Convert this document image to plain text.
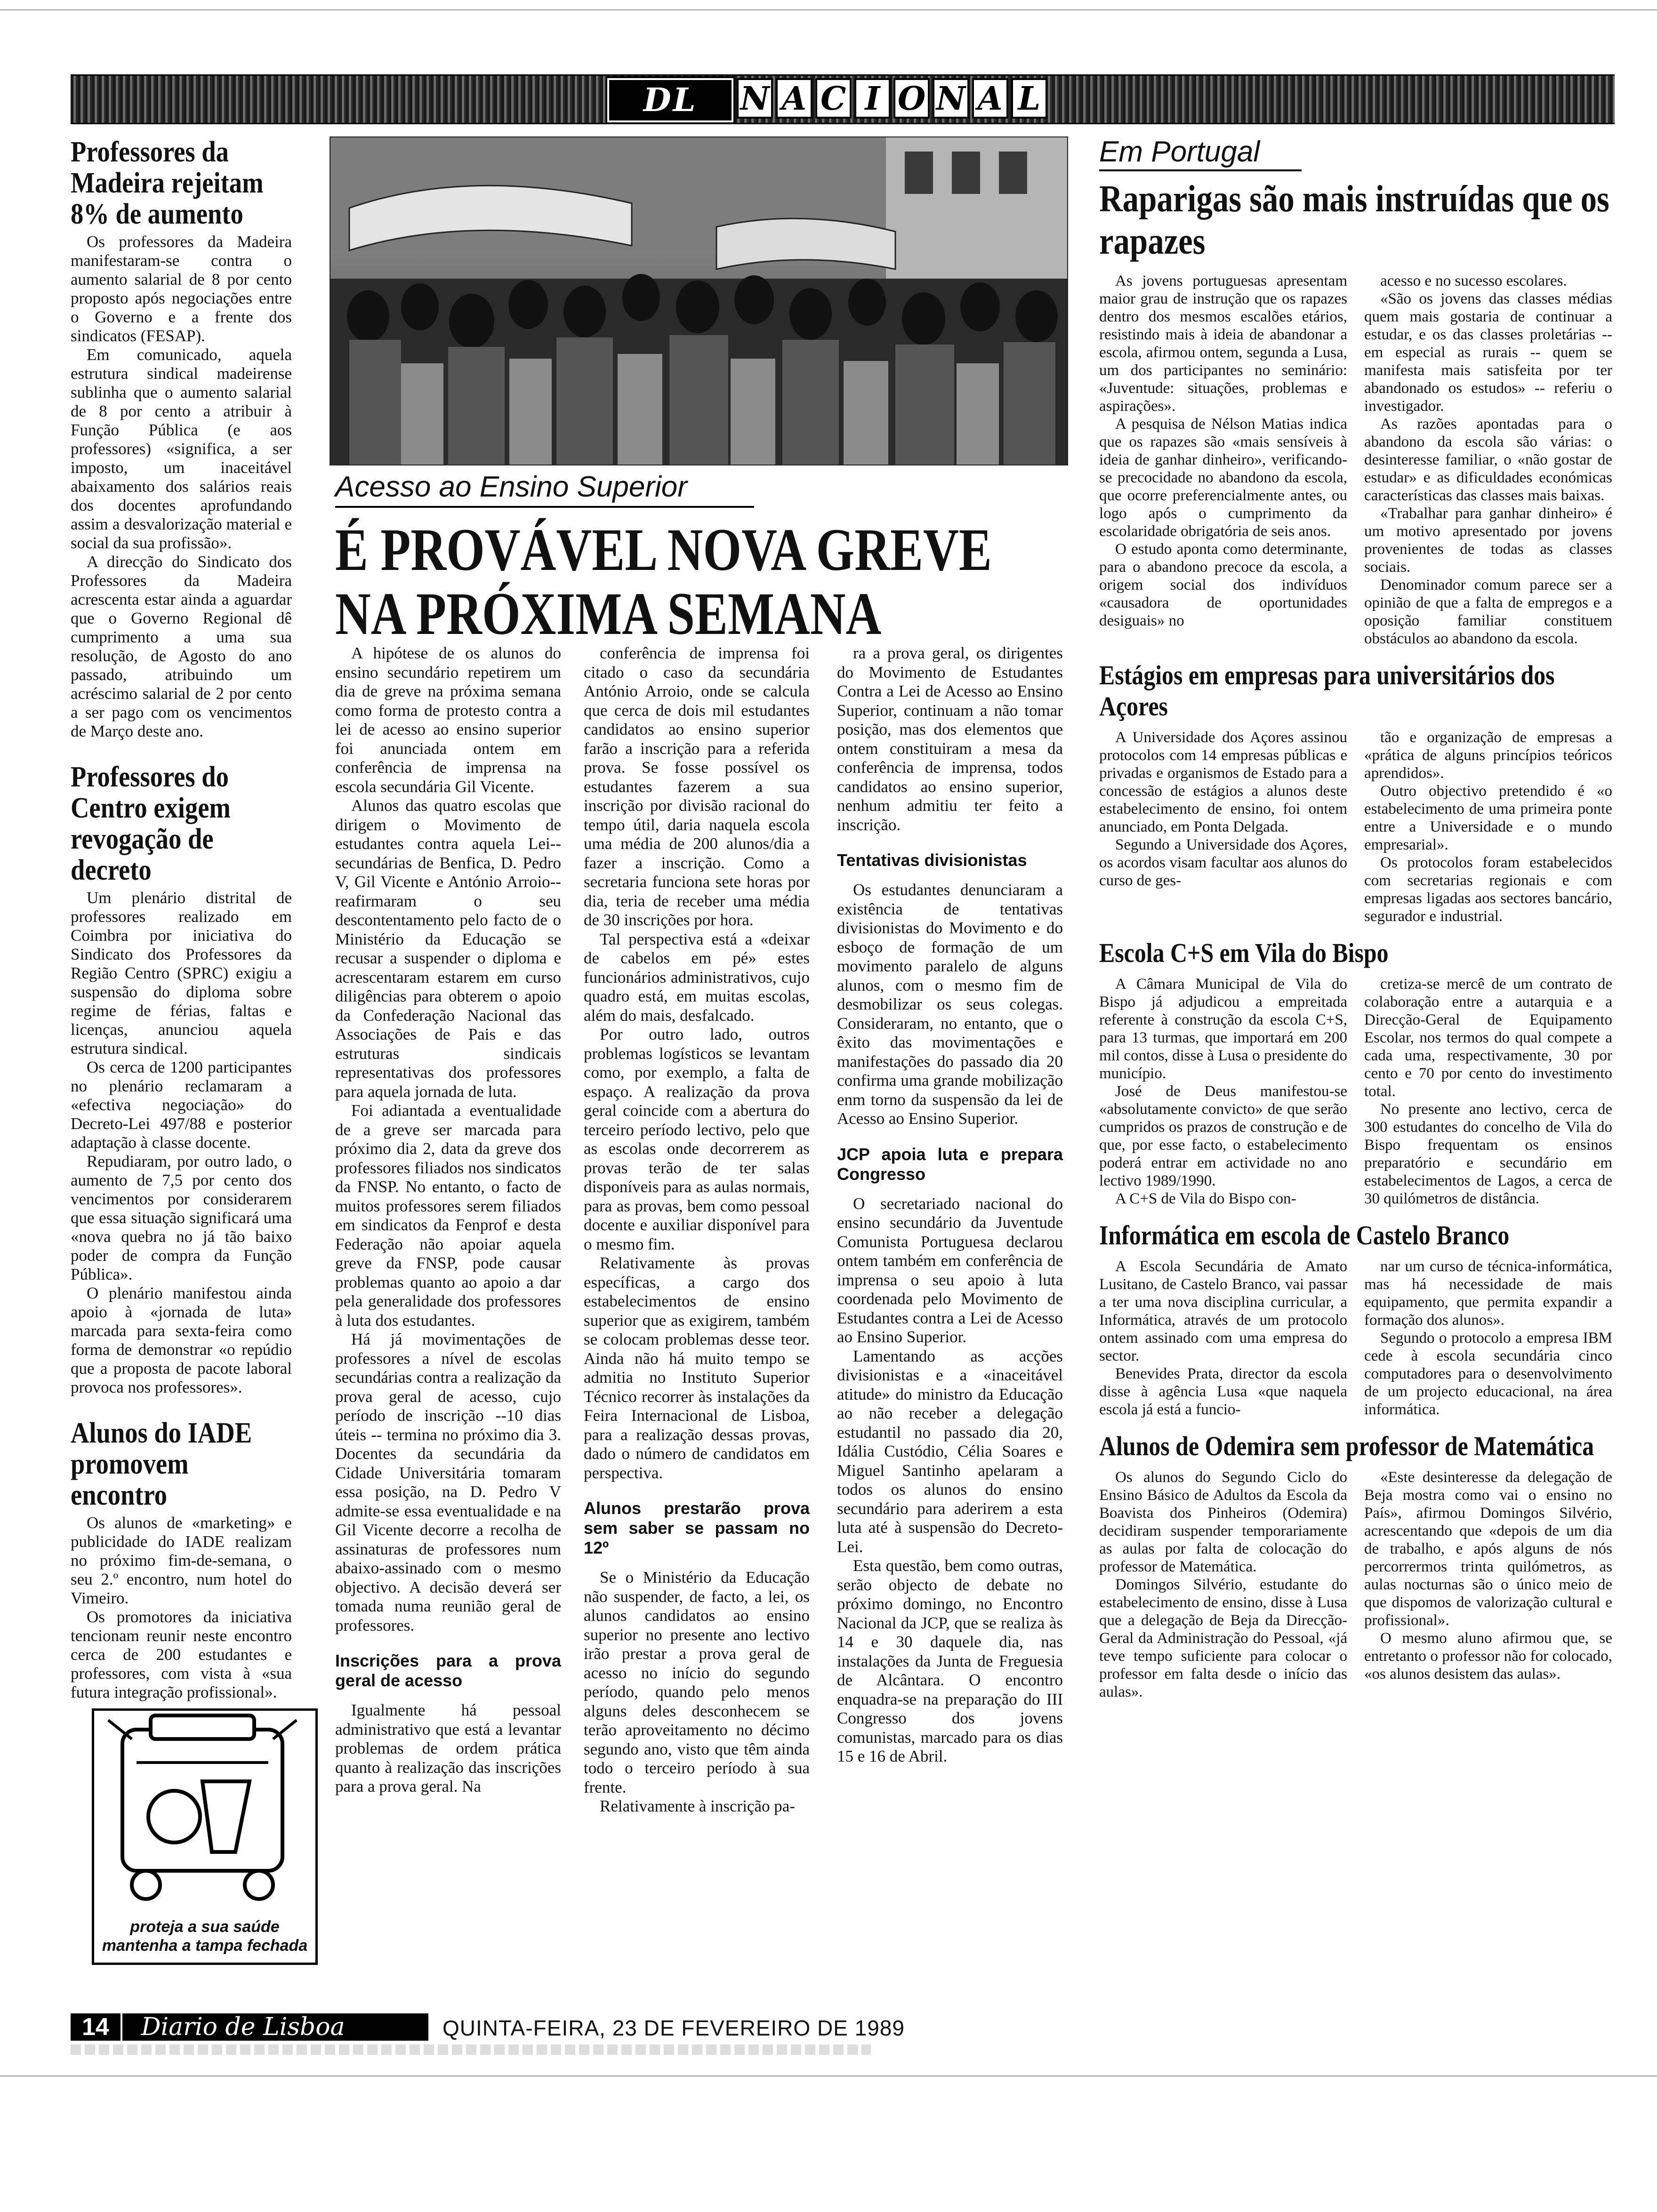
DL	N A C I O N A L
Professores da Madeira rejeitam 8% de aumento

Os professores da Madeira manifestaram-se contra o aumento salarial de 8 por cento proposto após negociações entre o Governo e a frente dos sindicatos (FESAP).

Em comunicado, aquela estrutura sindical madeirense sublinha que o aumento salarial de 8 por cento a atribuir à Função Pública (e aos professores) «significa, a ser imposto, um inaceitável abaixamento dos salários reais dos docentes aprofundando assim a desvalorização material e social da sua profissão».

A direcção do Sindicato dos Professores da Madeira acrescenta estar ainda a aguardar que o Governo Regional dê cumprimento a uma sua resolução, de Agosto do ano passado, atribuindo um acréscimo salarial de 2 por cento a ser pago com os vencimentos de Março deste ano.

Professores do Centro exigem revogação de decreto

Um plenário distrital de professores realizado em Coimbra por iniciativa do Sindicato dos Professores da Região Centro (SPRC) exigiu a suspensão do diploma sobre regime de férias, faltas e licenças, anunciou aquela estrutura sindical.

Os cerca de 1200 participantes no plenário reclamaram a «efectiva negociação» do Decreto-Lei 497/88 e posterior adaptação à classe docente.

Repudiaram, por outro lado, o aumento de 7,5 por cento dos vencimentos por considerarem que essa situação significará uma «nova quebra no já tão baixo poder de compra da Função Pública».

O plenário manifestou ainda apoio à «jornada de luta» marcada para sexta-feira como forma de demonstrar «o repúdio que a proposta de pacote laboral provoca nos professores».

Alunos do IADE promovem encontro

Os alunos de «marketing» e publicidade do IADE realizam no próximo fim-de-semana, o seu 2.º encontro, num hotel do Vimeiro.

Os promotores da iniciativa tencionam reunir neste encontro cerca de 200 estudantes e professores, com vista à «sua futura integração profissional».

proteja a sua saúde
mantenha a tampa fechada
Acesso ao Ensino Superior
É PROVÁVEL NOVA GREVE NA PRÓXIMA SEMANA

A hipótese de os alunos do ensino secundário repetirem um dia de greve na próxima semana como forma de protesto contra a lei de acesso ao ensino superior foi anunciada ontem em conferência de imprensa na escola secundária Gil Vicente.

Alunos das quatro escolas que dirigem o Movimento de estudantes contra aquela Lei--secundárias de Benfica, D. Pedro V, Gil Vicente e António Arroio--reafirmaram o seu descontentamento pelo facto de o Ministério da Educação se recusar a suspender o diploma e acrescentaram estarem em curso diligências para obterem o apoio da Confederação Nacional das Associações de Pais e das estruturas sindicais representativas dos professores para aquela jornada de luta.

Foi adiantada a eventualidade de a greve ser marcada para próximo dia 2, data da greve dos professores filiados nos sindicatos da FNSP. No entanto, o facto de muitos professores serem filiados em sindicatos da Fenprof e desta Federação não apoiar aquela greve da FNSP, pode causar problemas quanto ao apoio a dar pela generalidade dos professores à luta dos estudantes.

Há já movimentações de professores a nível de escolas secundárias contra a realização da prova geral de acesso, cujo período de inscrição --10 dias úteis -- termina no próximo dia 3. Docentes da secundária da Cidade Universitária tomaram essa posição, na D. Pedro V admite-se essa eventualidade e na Gil Vicente decorre a recolha de assinaturas de professores num abaixo-assinado com o mesmo objectivo. A decisão deverá ser tomada numa reunião geral de professores.

Inscrições para a prova geral de acesso

Igualmente há pessoal administrativo que está a levantar problemas de ordem prática quanto à realização das inscrições para a prova geral. Na

conferência de imprensa foi citado o caso da secundária António Arroio, onde se calcula que cerca de dois mil estudantes candidatos ao ensino superior farão a inscrição para a referida prova. Se fosse possível os estudantes fazerem a sua inscrição por divisão racional do tempo útil, daria naquela escola uma média de 200 alunos/dia a fazer a inscrição. Como a secretaria funciona sete horas por dia, teria de receber uma média de 30 inscrições por hora.

Tal perspectiva está a «deixar de cabelos em pé» estes funcionários administrativos, cujo quadro está, em muitas escolas, além do mais, desfalcado.

Por outro lado, outros problemas logísticos se levantam como, por exemplo, a falta de espaço. A realização da prova geral coincide com a abertura do terceiro período lectivo, pelo que as escolas onde decorrerem as provas terão de ter salas disponíveis para as aulas normais, para as provas, bem como pessoal docente e auxiliar disponível para o mesmo fim.

Relativamente às provas específicas, a cargo dos estabelecimentos de ensino superior que as exigirem, também se colocam problemas desse teor. Ainda não há muito tempo se admitia no Instituto Superior Técnico recorrer às instalações da Feira Internacional de Lisboa, para a realização dessas provas, dado o número de candidatos em perspectiva.

Alunos prestarão prova sem saber se passam no 12º

Se o Ministério da Educação não suspender, de facto, a lei, os alunos candidatos ao ensino superior no presente ano lectivo irão prestar a prova geral de acesso no início do segundo período, quando pelo menos alguns deles desconhecem se terão aproveitamento no décimo segundo ano, visto que têm ainda todo o terceiro período à sua frente.

Relativamente à inscrição pa-

ra a prova geral, os dirigentes do Movimento de Estudantes Contra a Lei de Acesso ao Ensino Superior, continuam a não tomar posição, mas dos elementos que ontem constituiram a mesa da conferência de imprensa, todos candidatos ao ensino superior, nenhum admitiu ter feito a inscrição.

Tentativas divisionistas

Os estudantes denunciaram a existência de tentativas divisionistas do Movimento e do esboço de formação de um movimento paralelo de alguns alunos, com o mesmo fim de desmobilizar os seus colegas. Consideraram, no entanto, que o êxito das movimentações e manifestações do passado dia 20 confirma uma grande mobilização enm torno da suspensão da lei de Acesso ao Ensino Superior.

JCP apoia luta e prepara Congresso

O secretariado nacional do ensino secundário da Juventude Comunista Portuguesa declarou ontem também em conferência de imprensa o seu apoio à luta coordenada pelo Movimento de Estudantes contra a Lei de Acesso ao Ensino Superior.

Lamentando as acções divisionistas e a «inaceitável atitude» do ministro da Educação ao não receber a delegação estudantil no passado dia 20, Idália Custódio, Célia Soares e Miguel Santinho apelaram a todos os alunos do ensino secundário para aderirem a esta luta até à suspensão do Decreto-Lei.

Esta questão, bem como outras, serão objecto de debate no próximo domingo, no Encontro Nacional da JCP, que se realiza às 14 e 30 daquele dia, nas instalações da Junta de Freguesia de Alcântara. O encontro enquadra-se na preparação do III Congresso dos jovens comunistas, marcado para os dias 15 e 16 de Abril.

Em Portugal
Raparigas são mais instruídas que os rapazes

As jovens portuguesas apresentam maior grau de instrução que os rapazes dentro dos mesmos escalões etários, resistindo mais à ideia de abandonar a escola, afirmou ontem, segunda a Lusa, um dos participantes no seminário: «Juventude: situações, problemas e aspirações».

A pesquisa de Nélson Matias indica que os rapazes são «mais sensíveis à ideia de ganhar dinheiro», verificando-se precocidade no abandono da escola, que ocorre preferencialmente antes, ou logo após o cumprimento da escolaridade obrigatória de seis anos.

O estudo aponta como determinante, para o abandono precoce da escola, a origem social dos indivíduos «causadora de oportunidades desiguais» no

acesso e no sucesso escolares.

«São os jovens das classes médias quem mais gostaria de continuar a estudar, e os das classes proletárias -- em especial as rurais -- quem se manifesta mais satisfeita por ter abandonado os estudos» -- referiu o investigador.

As razões apontadas para o abandono da escola são várias: o desinteresse familiar, o «não gostar de estudar» e as dificuldades económicas características das classes mais baixas.

«Trabalhar para ganhar dinheiro» é um motivo apresentado por jovens provenientes de todas as classes sociais.

Denominador comum parece ser a opinião de que a falta de empregos e a oposição familiar constituem obstáculos ao abandono da escola.

Estágios em empresas para universitários dos Açores

A Universidade dos Açores assinou protocolos com 14 empresas públicas e privadas e organismos de Estado para a concessão de estágios a alunos deste estabelecimento de ensino, foi ontem anunciado, em Ponta Delgada.

Segundo a Universidade dos Açores, os acordos visam facultar aos alunos do curso de ges-

tão e organização de empresas a «prática de alguns princípios teóricos aprendidos».

Outro objectivo pretendido é «o estabelecimento de uma primeira ponte entre a Universidade e o mundo empresarial».

Os protocolos foram estabelecidos com secretarias regionais e com empresas ligadas aos sectores bancário, segurador e industrial.

Escola C+S em Vila do Bispo

A Câmara Municipal de Vila do Bispo já adjudicou a empreitada referente à construção da escola C+S, para 13 turmas, que importará em 200 mil contos, disse à Lusa o presidente do município.

José de Deus manifestou-se «absolutamente convicto» de que serão cumpridos os prazos de construção e de que, por esse facto, o estabelecimento poderá entrar em actividade no ano lectivo 1989/1990.

A C+S de Vila do Bispo con-

cretiza-se mercê de um contrato de colaboração entre a autarquia e a Direcção-Geral de Equipamento Escolar, nos termos do qual compete a cada uma, respectivamente, 30 por cento e 70 por cento do investimento total.

No presente ano lectivo, cerca de 300 estudantes do concelho de Vila do Bispo frequentam os ensinos preparatório e secundário em estabelecimentos de Lagos, a cerca de 30 quilómetros de distância.

Informática em escola de Castelo Branco

A Escola Secundária de Amato Lusitano, de Castelo Branco, vai passar a ter uma nova disciplina curricular, a Informática, através de um protocolo ontem assinado com uma empresa do sector.

Benevides Prata, director da escola disse à agência Lusa «que naquela escola já está a funcio-

nar um curso de técnica-informática, mas há necessidade de mais equipamento, que permita expandir a formação dos alunos».

Segundo o protocolo a empresa IBM cede à escola secundária cinco computadores para o desenvolvimento de um projecto educacional, na área informática.

Alunos de Odemira sem professor de Matemática

Os alunos do Segundo Ciclo do Ensino Básico de Adultos da Escola da Boavista dos Pinheiros (Odemira) decidiram suspender temporariamente as aulas por falta de colocação do professor de Matemática.

Domingos Silvério, estudante do estabelecimento de ensino, disse à Lusa que a delegação de Beja da Direcção-Geral da Administração do Pessoal, «já teve tempo suficiente para colocar o professor em falta desde o início das aulas».

«Este desinteresse da delegação de Beja mostra como vai o ensino no País», afirmou Domingos Silvério, acrescentando que «depois de um dia de trabalho, e após alguns de nós percorrermos trinta quilómetros, as aulas nocturnas são o único meio de que dispomos de valorização cultural e profissional».

O mesmo aluno afirmou que, se entretanto o professor não for colocado, «os alunos desistem das aulas».

14	Diario de Lisboa	QUINTA-FEIRA, 23 DE FEVEREIRO DE 1989
